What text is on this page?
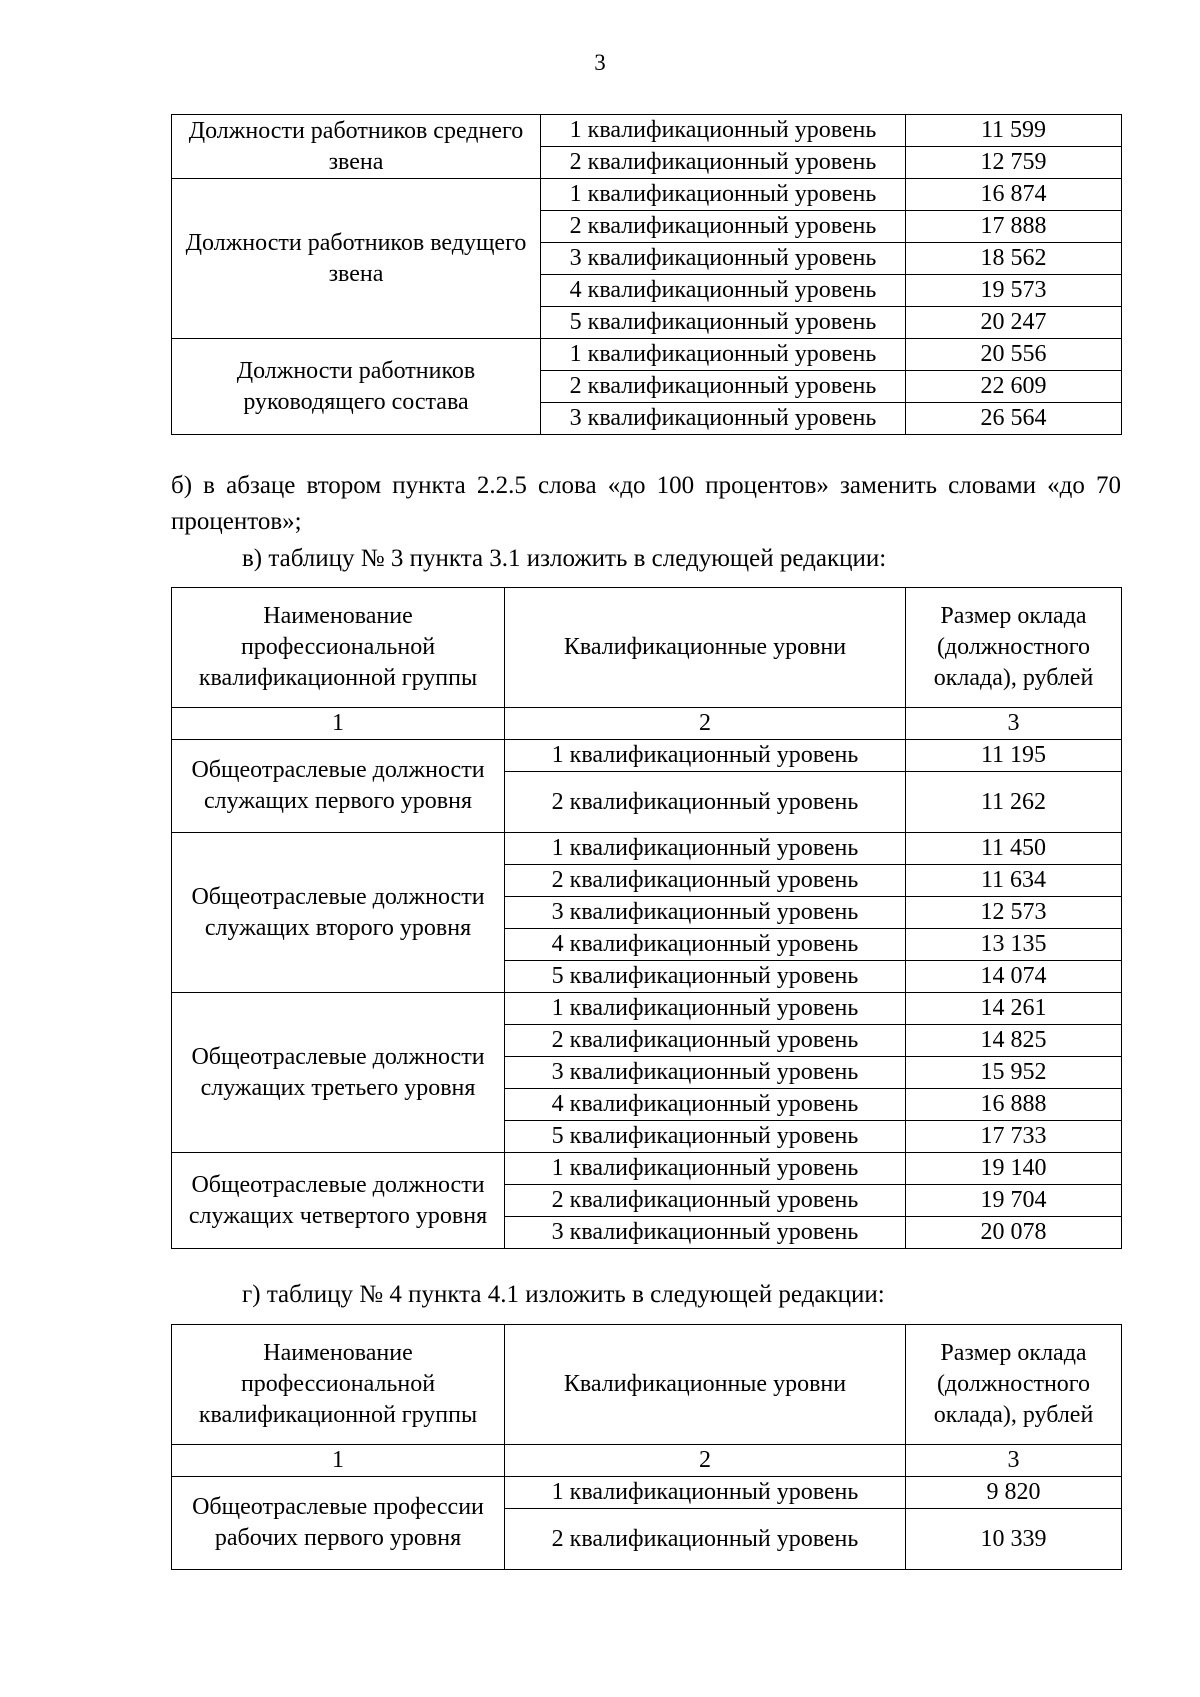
3
Должности работников среднего звена	1 квалификационный уровень	11 599
	2 квалификационный уровень	12 759
Должности работников ведущего звена	1 квалификационный уровень	16 874
	2 квалификационный уровень	17 888
	3 квалификационный уровень	18 562
	4 квалификационный уровень	19 573
	5 квалификационный уровень	20 247
Должности работников руководящего состава	1 квалификационный уровень	20 556
	2 квалификационный уровень	22 609
	3 квалификационный уровень	26 564
б) в абзаце втором пункта 2.2.5 слова «до 100 процентов» заменить словами «до 70 процентов»;
в) таблицу № 3 пункта 3.1 изложить в следующей редакции:
Наименование профессиональной квалификационной группы	Квалификационные уровни	Размер оклада (должностного оклада), рублей
1	2	3
Общеотраслевые должности служащих первого уровня	1 квалификационный уровень	11 195
	2 квалификационный уровень	11 262
Общеотраслевые должности служащих второго уровня	1 квалификационный уровень	11 450
	2 квалификационный уровень	11 634
	3 квалификационный уровень	12 573
	4 квалификационный уровень	13 135
	5 квалификационный уровень	14 074
Общеотраслевые должности служащих третьего уровня	1 квалификационный уровень	14 261
	2 квалификационный уровень	14 825
	3 квалификационный уровень	15 952
	4 квалификационный уровень	16 888
	5 квалификационный уровень	17 733
Общеотраслевые должности служащих четвертого уровня	1 квалификационный уровень	19 140
	2 квалификационный уровень	19 704
	3 квалификационный уровень	20 078
г) таблицу № 4 пункта 4.1 изложить в следующей редакции:
Наименование профессиональной квалификационной группы	Квалификационные уровни	Размер оклада (должностного оклада), рублей
1	2	3
Общеотраслевые профессии рабочих первого уровня	1 квалификационный уровень	9 820
	2 квалификационный уровень	10 339
